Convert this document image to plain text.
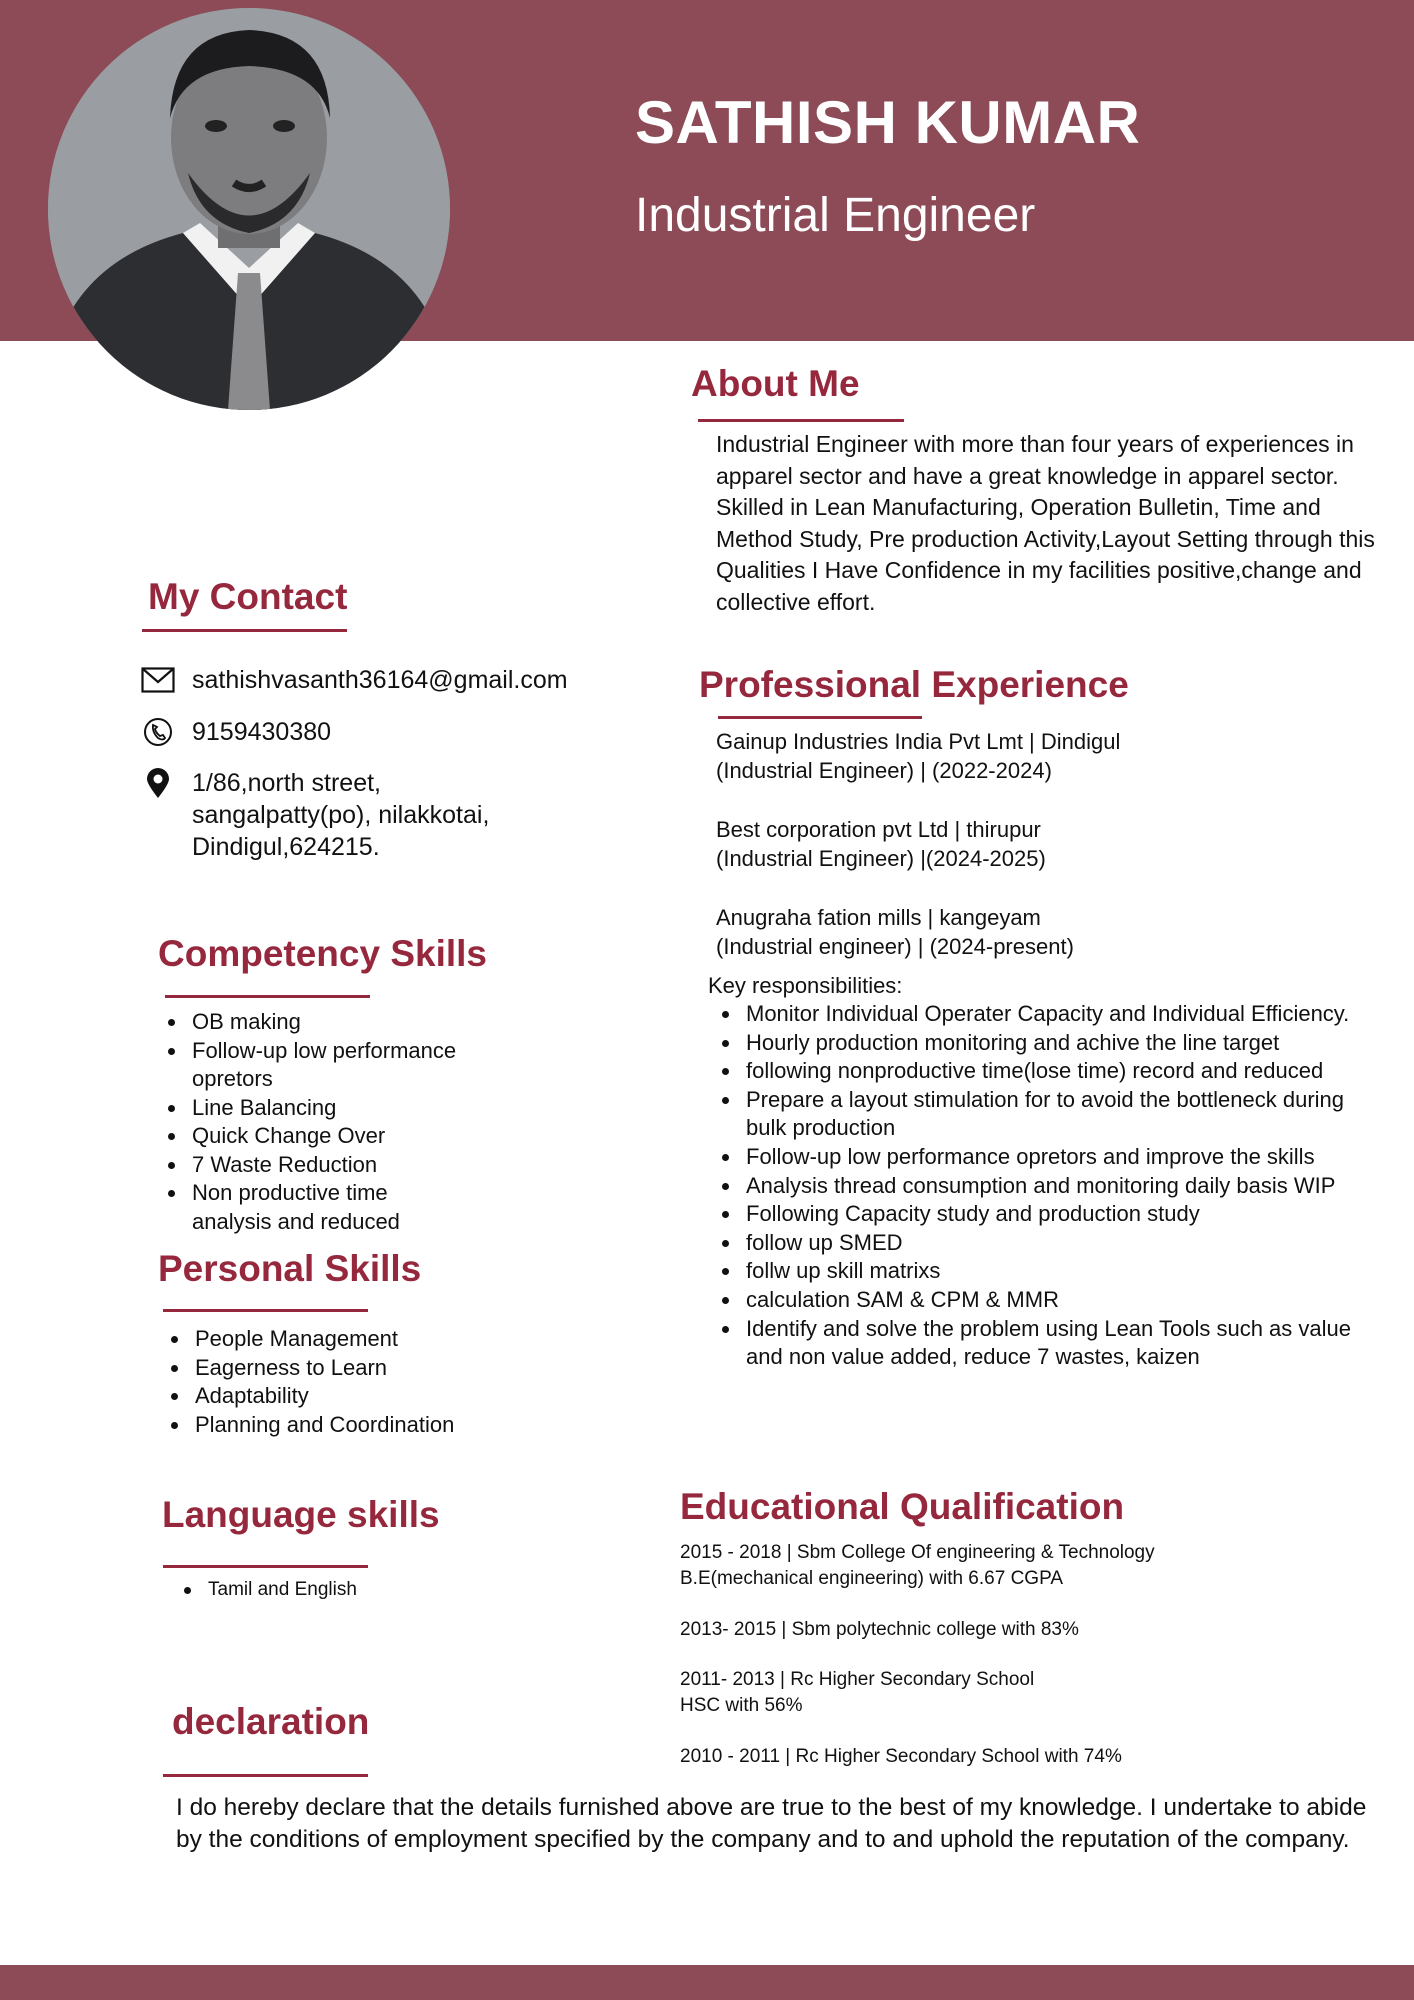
SATHISH KUMAR
Industrial Engineer
About Me

Industrial Engineer with more than four years of experiences in apparel sector and have a great knowledge in apparel sector. Skilled in Lean Manufacturing, Operation Bulletin, Time and Method Study, Pre production Activity,Layout Setting through this Qualities I Have Confidence in my facilities positive,change and collective effort.

My Contact
sathishvasanth36164@gmail.com
9159430380
1/86,north street,
sangalpatty(po), nilakkotai,
Dindigul,624215.
Professional Experience
Gainup Industries India Pvt Lmt | Dindigul
(Industrial Engineer) | (2022-2024)
Best corporation pvt Ltd | thirupur
(Industrial Engineer) |(2024-2025)
Anugraha fation mills | kangeyam
(Industrial engineer) | (2024-present)
Key responsibilities:
Monitor Individual Operater Capacity and Individual Efficiency.
Hourly production monitoring and achive the line target
following nonproductive time(lose time) record and reduced
Prepare a layout stimulation for to avoid the bottleneck during bulk production
Follow-up low performance opretors and improve the skills
Analysis thread consumption and monitoring daily basis WIP
Following Capacity study and production study
follow up SMED
follw up skill matrixs
calculation SAM & CPM & MMR
Identify and solve the problem using Lean Tools such as value and non value added, reduce 7 wastes, kaizen
Competency Skills
OB making
Follow-up low performance opretors
Line Balancing
Quick Change Over
7 Waste Reduction
Non productive time analysis and reduced
Personal Skills
People Management
Eagerness to Learn
Adaptability
Planning and Coordination
Language skills
Tamil and English
Educational Qualification
2015 - 2018 | Sbm College Of engineering & Technology
B.E(mechanical engineering) with 6.67 CGPA
2013- 2015 | Sbm polytechnic college with 83%
2011- 2013 | Rc Higher Secondary School
HSC with 56%
2010 - 2011 | Rc Higher Secondary School with 74%
declaration

I do hereby declare that the details furnished above are true to the best of my knowledge. I undertake to abide by the conditions of employment specified by the company and to and uphold the reputation of the company.
